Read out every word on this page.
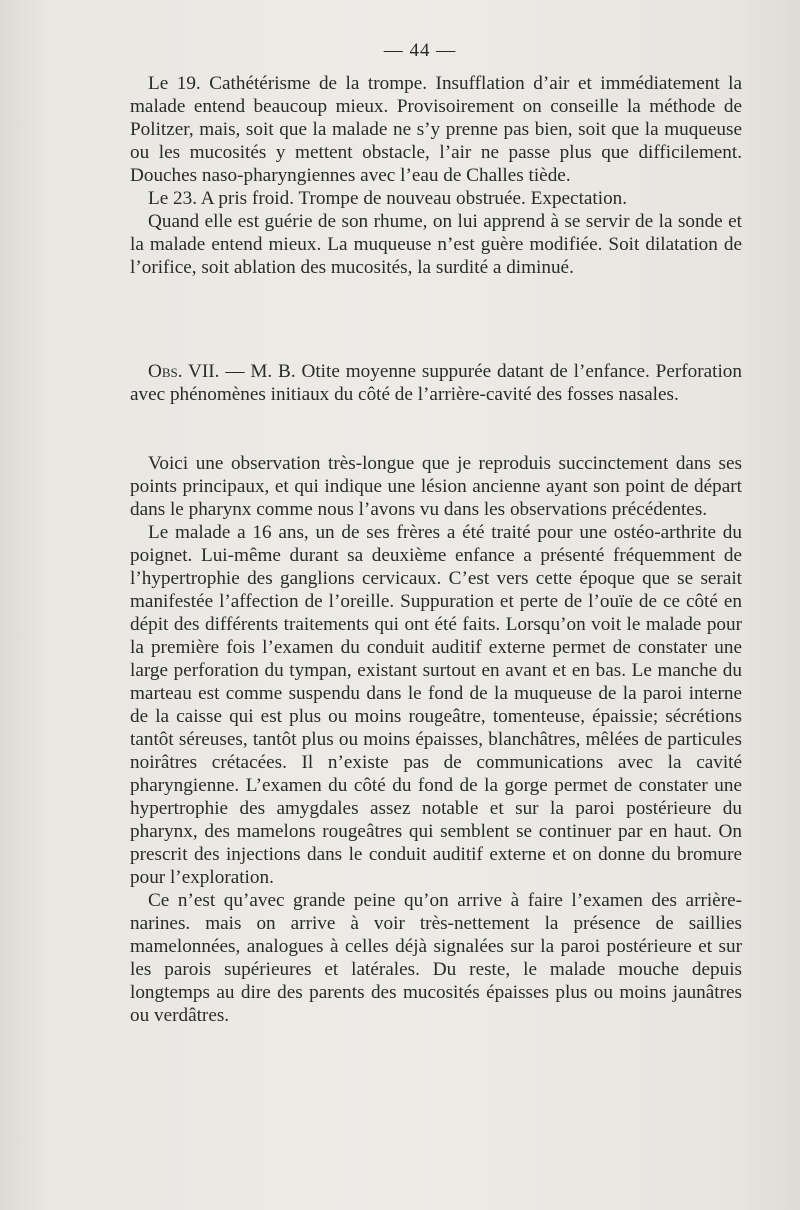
— 44 —

Le 19. Cathétérisme de la trompe. Insufflation d’air et immédiatement la malade entend beaucoup mieux. Provisoirement on conseille la méthode de Politzer, mais, soit que la malade ne s’y prenne pas bien, soit que la muqueuse ou les mucosités y mettent obstacle, l’air ne passe plus que difficilement. Douches naso-pharyngiennes avec l’eau de Challes tiède.

Le 23. A pris froid. Trompe de nouveau obstruée. Expectation.

Quand elle est guérie de son rhume, on lui apprend à se servir de la sonde et la malade entend mieux. La muqueuse n’est guère modifiée. Soit dilatation de l’orifice, soit ablation des mucosités, la surdité a diminué.

Obs. VII. — M. B. Otite moyenne suppurée datant de l’enfance. Perforation avec phénomènes initiaux du côté de l’arrière-cavité des fosses nasales.

Voici une observation très-longue que je reproduis succinctement dans ses points principaux, et qui indique une lésion ancienne ayant son point de départ dans le pharynx comme nous l’avons vu dans les observations précédentes.

Le malade a 16 ans, un de ses frères a été traité pour une ostéo-arthrite du poignet. Lui-même durant sa deuxième enfance a présenté fréquemment de l’hypertrophie des ganglions cervicaux. C’est vers cette époque que se serait manifestée l’affection de l’oreille. Suppuration et perte de l’ouïe de ce côté en dépit des différents traitements qui ont été faits. Lorsqu’on voit le malade pour la première fois l’examen du conduit auditif externe permet de constater une large perforation du tympan, existant surtout en avant et en bas. Le manche du marteau est comme suspendu dans le fond de la muqueuse de la paroi interne de la caisse qui est plus ou moins rougeâtre, tomenteuse, épaissie; sécrétions tantôt séreuses, tantôt plus ou moins épaisses, blanchâtres, mêlées de particules noirâtres crétacées. Il n’existe pas de communications avec la cavité pharyngienne. L’examen du côté du fond de la gorge permet de constater une hypertrophie des amygdales assez notable et sur la paroi postérieure du pharynx, des mamelons rougeâtres qui semblent se continuer par en haut. On prescrit des injections dans le conduit auditif externe et on donne du bromure pour l’exploration.

Ce n’est qu’avec grande peine qu’on arrive à faire l’examen des arrière-narines. mais on arrive à voir très-nettement la présence de saillies mamelonnées, analogues à celles déjà signalées sur la paroi postérieure et sur les parois supérieures et latérales. Du reste, le malade mouche depuis longtemps au dire des parents des mucosités épaisses plus ou moins jaunâtres ou verdâtres.
